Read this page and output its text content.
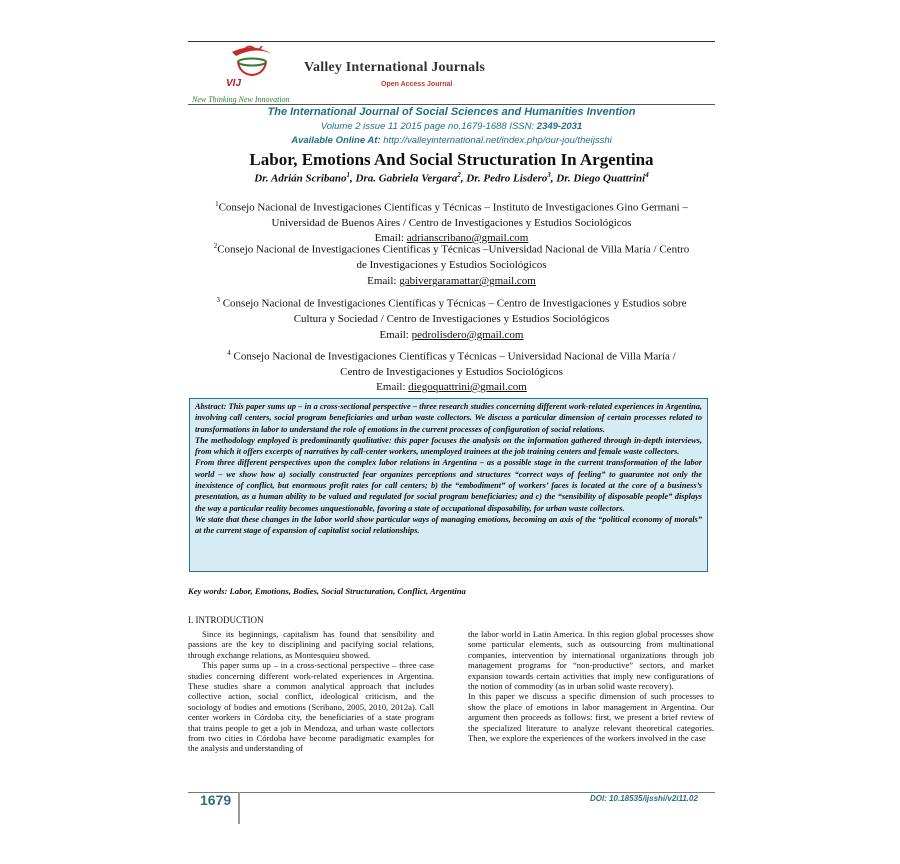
VIJ
Valley International Journals
Open Access Journal
New Thinking New Innovation
The International Journal of Social Sciences and Humanities Invention
Volume 2 issue 11 2015 page no.1679-1688 ISSN: 2349-2031
Available Online At: http://valleyinternational.net/index.php/our-jou/theijsshi
Labor, Emotions And Social Structuration In Argentina
Dr. Adrián Scribano$^1$, Dra. Gabriela Vergara$^2$, Dr. Pedro Lisdero$^3$, Dr. Diego Quattrini$^4$
$^1$Consejo Nacional de Investigaciones Científicas y Técnicas – Instituto de Investigaciones Gino Germani –
Universidad de Buenos Aires / Centro de Investigaciones y Estudios Sociológicos
Email: adrianscribano@gmail.com
$^2$Consejo Nacional de Investigaciones Científicas y Técnicas –Universidad Nacional de Villa María / Centro
de Investigaciones y Estudios Sociológicos
Email: gabivergaramattar@gmail.com
$^3$ Consejo Nacional de Investigaciones Científicas y Técnicas – Centro de Investigaciones y Estudios sobre
Cultura y Sociedad / Centro de Investigaciones y Estudios Sociológicos
Email: pedrolisdero@gmail.com
$^4$ Consejo Nacional de Investigaciones Científicas y Técnicas – Universidad Nacional de Villa María /
Centro de Investigaciones y Estudios Sociológicos
Email: diegoquattrini@gmail.com

Abstract: This paper sums up – in a cross-sectional perspective – three research studies concerning different work-related experiences in Argentina, involving call centers, social program beneficiaries and urban waste collectors. We discuss a particular dimension of certain processes related to transformations in labor to understand the role of emotions in the current processes of configuration of social relations.

The methodology employed is predominantly qualitative: this paper focuses the analysis on the information gathered through in-depth interviews, from which it offers excerpts of narratives by call-center workers, unemployed trainees at the job training centers and female waste collectors.

From three different perspectives upon the complex labor relations in Argentina – as a possible stage in the current transformation of the labor world – we show how a) socially constructed fear organizes perceptions and structures “correct ways of feeling” to guarantee not only the inexistence of conflict, but enormous profit rates for call centers; b) the “embodiment” of workers’ faces is located at the core of a business’s presentation, as a human ability to be valued and regulated for social program beneficiaries; and c) the “sensibility of disposable people” displays the way a particular reality becomes unquestionable, favoring a state of occupational disposability, for urban waste collectors.

We state that these changes in the labor world show particular ways of managing emotions, becoming an axis of the “political economy of morals” at the current stage of expansion of capitalist social relationships.

Key words: Labor, Emotions, Bodies, Social Structuration, Conflict, Argentina
I. INTRODUCTION

Since its beginnings, capitalism has found that sensibility and passions are the key to disciplining and pacifying social relations, through exchange relations, as Montesquieu showed.

This paper sums up – in a cross-sectional perspective – three case studies concerning different work-related experiences in Argentina. These studies share a common analytical approach that includes collective action, social conflict, ideological criticism, and the sociology of bodies and emotions (Scribano, 2005, 2010, 2012a). Call center workers in Córdoba city, the beneficiaries of a state program that trains people to get a job in Mendoza, and urban waste collectors from two cities in Córdoba have become paradigmatic examples for the analysis and understanding of

the labor world in Latin America. In this region global processes show some particular elements, such as outsourcing from multinational companies, intervention by international organizations through job management programs for “non-productive” sectors, and market expansion towards certain activities that imply new configurations of the notion of commodity (as in urban solid waste recovery).

In this paper we discuss a specific dimension of such processes to show the place of emotions in labor management in Argentina. Our argument then proceeds as follows: first, we present a brief review of the specialized literature to analyze relevant theoretical categories. Then, we explore the experiences of the workers involved in the case

1679	DOI: 10.18535/ijsshi/v2i11.02
